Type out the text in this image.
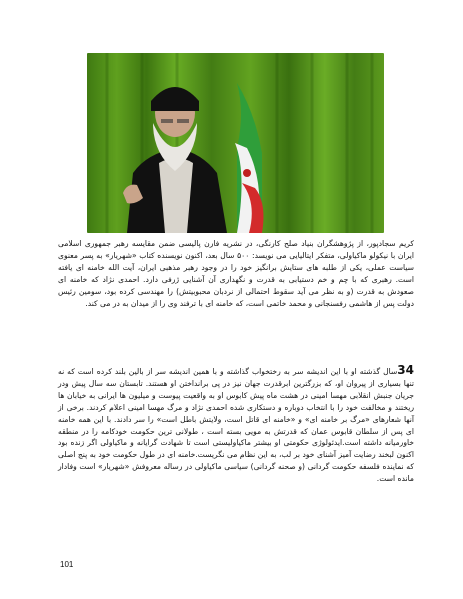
کریم سجادپور، از پژوهشگران بنیاد صلح کارنگی، در نشریه فارن پالیسی ضمن مقایسه رهبر جمهوری اسلامی ایران با نیکولو ماکیاولی، متفکر ایتالیایی می نویسد: ۵۰۰ سال بعد، اکنون نویسنده کتاب «شهریار» به پسر معنوی سیاست عملی، یکی از طلبه های ستایش برانگیز خود را در وجود رهبر مذهبی ایران، آیت الله خامنه ای یافته است. رهبری که با چم و خم دستیابی به قدرت و نگهداری آن آشنایی ژرفی دارد. احمدی نژاد که خامنه ای صعودش به قدرت (و به نظر می آید سقوط احتمالی از نردبان محبوبیتش) را مهندسی کرده بود، سومین رئیس دولت پس از هاشمی رفسنجانی و محمد خاتمی است، که خامنه ای با ترفند وی را از میدان به در می کند.
34سال گذشته او با این اندیشه سر به رختخواب گذاشته و با همین اندیشه سر از بالین بلند کرده است که نه تنها بسیاری از پیروان او، که بزرگترین ابرقدرت جهان نیز در پی برانداختن او هستند. تابستان سه سال پیش ودر جریان جنبش انقلابی مهسا امینی در هشت ماه پیش کابوس او به واقعیت پیوست و میلیون ها ایرانی به خیابان ها ریختند و مخالفت خود را با انتخاب دوباره و دستکاری شده احمدی نژاد و مرگ مهسا امینی اعلام کردند. برخی از آنها شعارهای «مرگ بر خامنه ای» و «خامنه ای قاتل است، ولایتش باطل است» را سر دادند. با این همه خامنه ای پس از سلطان قابوس عمان که قدرتش به مویی بسته است ، طولانی ترین حکومت خودکامه را در منطقه خاورمیانه داشته است.ایدئولوژی حکومتی او بیشتر ماکیاولیستی است تا شهادت گرایانه و ماکیاولی اگر زنده بود اکنون لبخند رضایت آمیز آشنای خود بر لب، به این نظام می نگریست.خامنه ای در طول حکومت خود به پنج اصلی که نماینده فلسفه حکومت گردانی (و صحنه گردانی) سیاسی ماکیاولی در رساله معروفش «شهریار» است وفادار مانده است.
101
